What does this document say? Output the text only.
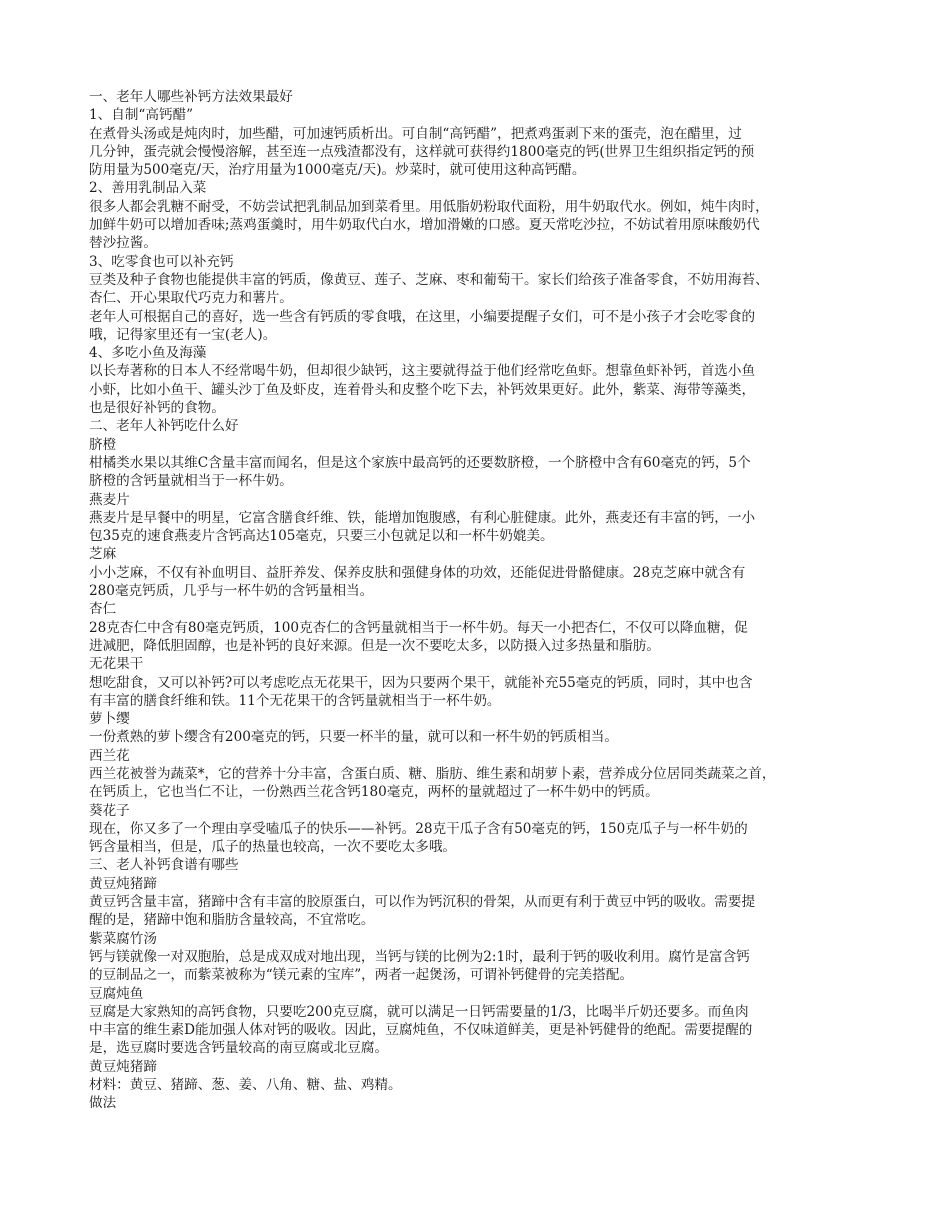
一、老年人哪些补钙方法效果最好
1、自制“高钙醋”
在煮骨头汤或是炖肉时，加些醋，可加速钙质析出。可自制“高钙醋”，把煮鸡蛋剥下来的蛋壳，泡在醋里，过
几分钟，蛋壳就会慢慢溶解，甚至连一点残渣都没有，这样就可获得约1800毫克的钙(世界卫生组织指定钙的预
防用量为500毫克/天，治疗用量为1000毫克/天)。炒菜时，就可使用这种高钙醋。
2、善用乳制品入菜
很多人都会乳糖不耐受，不妨尝试把乳制品加到菜肴里。用低脂奶粉取代面粉，用牛奶取代水。例如，炖牛肉时，
加鲜牛奶可以增加香味;蒸鸡蛋羹时，用牛奶取代白水，增加滑嫩的口感。夏天常吃沙拉，不妨试着用原味酸奶代
替沙拉酱。
3、吃零食也可以补充钙
豆类及种子食物也能提供丰富的钙质，像黄豆、莲子、芝麻、枣和葡萄干。家长们给孩子准备零食，不妨用海苔、
杏仁、开心果取代巧克力和薯片。
老年人可根据自己的喜好，选一些含有钙质的零食哦，在这里，小编要提醒子女们，可不是小孩子才会吃零食的
哦，记得家里还有一宝(老人)。
4、多吃小鱼及海藻
以长寿著称的日本人不经常喝牛奶，但却很少缺钙，这主要就得益于他们经常吃鱼虾。想靠鱼虾补钙，首选小鱼
小虾，比如小鱼干、罐头沙丁鱼及虾皮，连着骨头和皮整个吃下去，补钙效果更好。此外，紫菜、海带等藻类，
也是很好补钙的食物。
二、老年人补钙吃什么好
脐橙
柑橘类水果以其维C含量丰富而闻名，但是这个家族中最高钙的还要数脐橙，一个脐橙中含有60毫克的钙，5个
脐橙的含钙量就相当于一杯牛奶。
燕麦片
燕麦片是早餐中的明星，它富含膳食纤维、铁，能增加饱腹感，有利心脏健康。此外，燕麦还有丰富的钙，一小
包35克的速食燕麦片含钙高达105毫克，只要三小包就足以和一杯牛奶媲美。
芝麻
小小芝麻，不仅有补血明目、益肝养发、保养皮肤和强健身体的功效，还能促进骨骼健康。28克芝麻中就含有
280毫克钙质，几乎与一杯牛奶的含钙量相当。
杏仁
28克杏仁中含有80毫克钙质，100克杏仁的含钙量就相当于一杯牛奶。每天一小把杏仁，不仅可以降血糖，促
进减肥，降低胆固醇，也是补钙的良好来源。但是一次不要吃太多，以防摄入过多热量和脂肪。
无花果干
想吃甜食，又可以补钙?可以考虑吃点无花果干，因为只要两个果干，就能补充55毫克的钙质，同时，其中也含
有丰富的膳食纤维和铁。11个无花果干的含钙量就相当于一杯牛奶。
萝卜缨
一份煮熟的萝卜缨含有200毫克的钙，只要一杯半的量，就可以和一杯牛奶的钙质相当。
西兰花
西兰花被誉为蔬菜*，它的营养十分丰富，含蛋白质、糖、脂肪、维生素和胡萝卜素，营养成分位居同类蔬菜之首，
在钙质上，它也当仁不让，一份熟西兰花含钙180毫克，两杯的量就超过了一杯牛奶中的钙质。
葵花子
现在，你又多了一个理由享受嗑瓜子的快乐——补钙。28克干瓜子含有50毫克的钙，150克瓜子与一杯牛奶的
钙含量相当，但是，瓜子的热量也较高，一次不要吃太多哦。
三、老人补钙食谱有哪些
黄豆炖猪蹄
黄豆钙含量丰富，猪蹄中含有丰富的胶原蛋白，可以作为钙沉积的骨架，从而更有利于黄豆中钙的吸收。需要提
醒的是，猪蹄中饱和脂肪含量较高，不宜常吃。
紫菜腐竹汤
钙与镁就像一对双胞胎，总是成双成对地出现，当钙与镁的比例为2:1时，最利于钙的吸收利用。腐竹是富含钙
的豆制品之一，而紫菜被称为“镁元素的宝库”，两者一起煲汤，可谓补钙健骨的完美搭配。
豆腐炖鱼
豆腐是大家熟知的高钙食物，只要吃200克豆腐，就可以满足一日钙需要量的1/3，比喝半斤奶还要多。而鱼肉
中丰富的维生素D能加强人体对钙的吸收。因此，豆腐炖鱼，不仅味道鲜美，更是补钙健骨的绝配。需要提醒的
是，选豆腐时要选含钙量较高的南豆腐或北豆腐。
黄豆炖猪蹄
材料：黄豆、猪蹄、葱、姜、八角、糖、盐、鸡精。
做法
